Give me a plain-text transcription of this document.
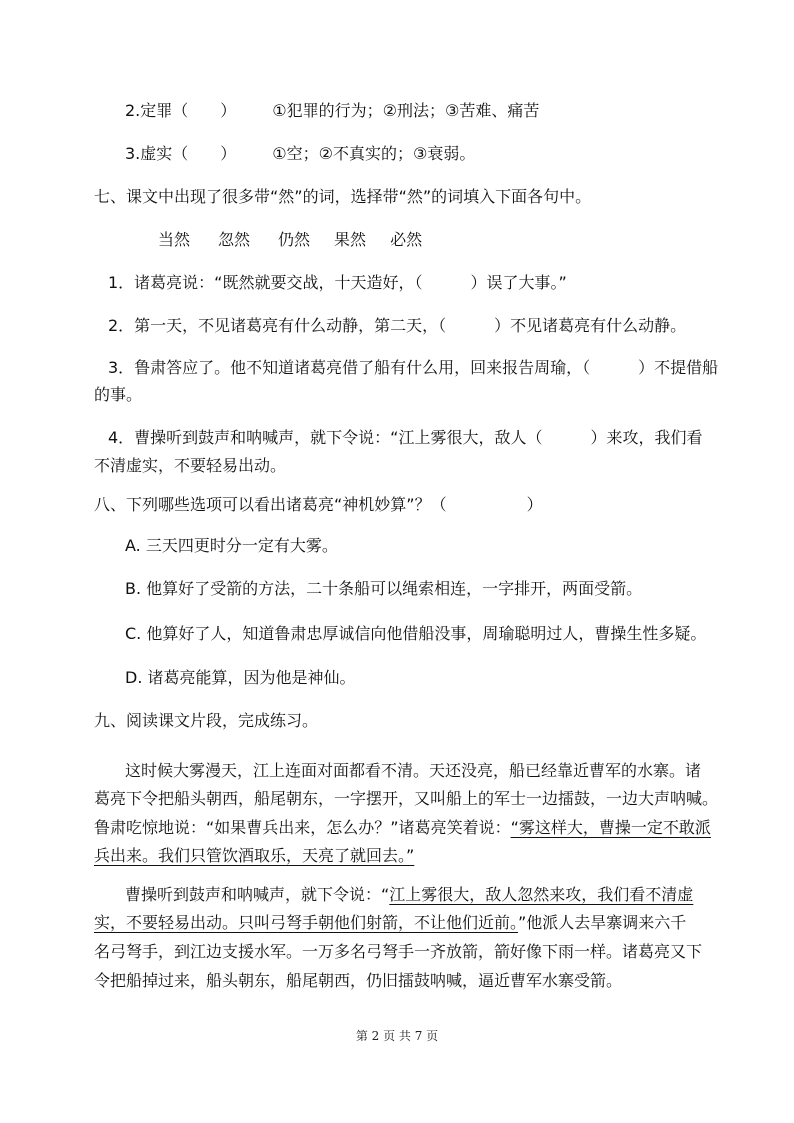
2.定罪（　　） ①犯罪的行为；②刑法；③苦难、痛苦
3.虚实（　　） ①空；②不真实的；③衰弱。
七、课文中出现了很多带“然”的词，选择带“然”的词填入下面各句中。
当然 忽然 仍然 果然 必然
1．诸葛亮说：“既然就要交战，十天造好，（　　　）误了大事。”
2．第一天，不见诸葛亮有什么动静，第二天，（　　　）不见诸葛亮有什么动静。
3．鲁肃答应了。他不知道诸葛亮借了船有什么用，回来报告周瑜，（　　　）不提借船
的事。
4．曹操听到鼓声和呐喊声，就下令说：“江上雾很大，敌人（　　　）来攻，我们看
不清虚实，不要轻易出动。
八、下列哪些选项可以看出诸葛亮“神机妙算”？（　　　　　）
A. 三天四更时分一定有大雾。
B. 他算好了受箭的方法，二十条船可以绳索相连，一字排开，两面受箭。
C. 他算好了人，知道鲁肃忠厚诚信向他借船没事，周瑜聪明过人，曹操生性多疑。
D. 诸葛亮能算，因为他是神仙。
九、阅读课文片段，完成练习。
这时候大雾漫天，江上连面对面都看不清。天还没亮，船已经靠近曹军的水寨。诸
葛亮下令把船头朝西，船尾朝东，一字摆开，又叫船上的军士一边擂鼓，一边大声呐喊。
鲁肃吃惊地说：“如果曹兵出来，怎么办？”诸葛亮笑着说：“雾这样大，曹操一定不敢派
兵出来。我们只管饮酒取乐，天亮了就回去。”
曹操听到鼓声和呐喊声，就下令说：“江上雾很大，敌人忽然来攻，我们看不清虚
实，不要轻易出动。只叫弓弩手朝他们射箭，不让他们近前。”他派人去旱寨调来六千
名弓弩手，到江边支援水军。一万多名弓弩手一齐放箭，箭好像下雨一样。诸葛亮又下
令把船掉过来，船头朝东，船尾朝西，仍旧擂鼓呐喊，逼近曹军水寨受箭。
第 2 页 共 7 页
